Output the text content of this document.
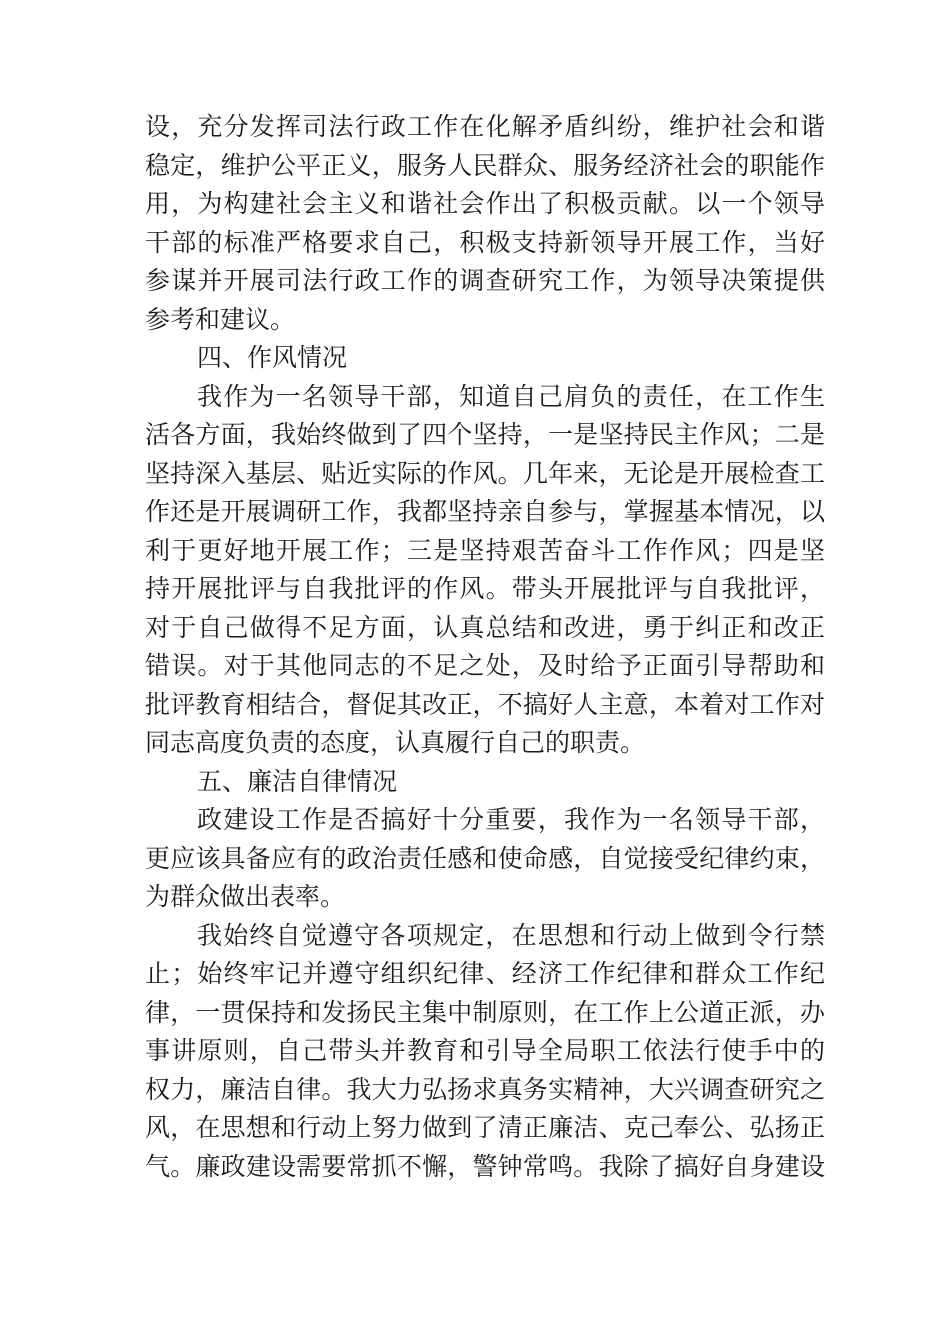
设，充分发挥司法行政工作在化解矛盾纠纷，维护社会和谐
稳定，维护公平正义，服务人民群众、服务经济社会的职能作
用，为构建社会主义和谐社会作出了积极贡献。以一个领导
干部的标准严格要求自己，积极支持新领导开展工作，当好
参谋并开展司法行政工作的调查研究工作，为领导决策提供
参考和建议。
四、作风情况
我作为一名领导干部，知道自己肩负的责任，在工作生
活各方面，我始终做到了四个坚持，一是坚持民主作风；二是
坚持深入基层、贴近实际的作风。几年来，无论是开展检查工
作还是开展调研工作，我都坚持亲自参与，掌握基本情况，以
利于更好地开展工作；三是坚持艰苦奋斗工作作风；四是坚
持开展批评与自我批评的作风。带头开展批评与自我批评，
对于自己做得不足方面，认真总结和改进，勇于纠正和改正
错误。对于其他同志的不足之处，及时给予正面引导帮助和
批评教育相结合，督促其改正，不搞好人主意，本着对工作对
同志高度负责的态度，认真履行自己的职责。
五、廉洁自律情况
政建设工作是否搞好十分重要，我作为一名领导干部，
更应该具备应有的政治责任感和使命感，自觉接受纪律约束，
为群众做出表率。
我始终自觉遵守各项规定，在思想和行动上做到令行禁
止；始终牢记并遵守组织纪律、经济工作纪律和群众工作纪
律，一贯保持和发扬民主集中制原则，在工作上公道正派，办
事讲原则，自己带头并教育和引导全局职工依法行使手中的
权力，廉洁自律。我大力弘扬求真务实精神，大兴调查研究之
风，在思想和行动上努力做到了清正廉洁、克己奉公、弘扬正
气。廉政建设需要常抓不懈，警钟常鸣。我除了搞好自身建设
